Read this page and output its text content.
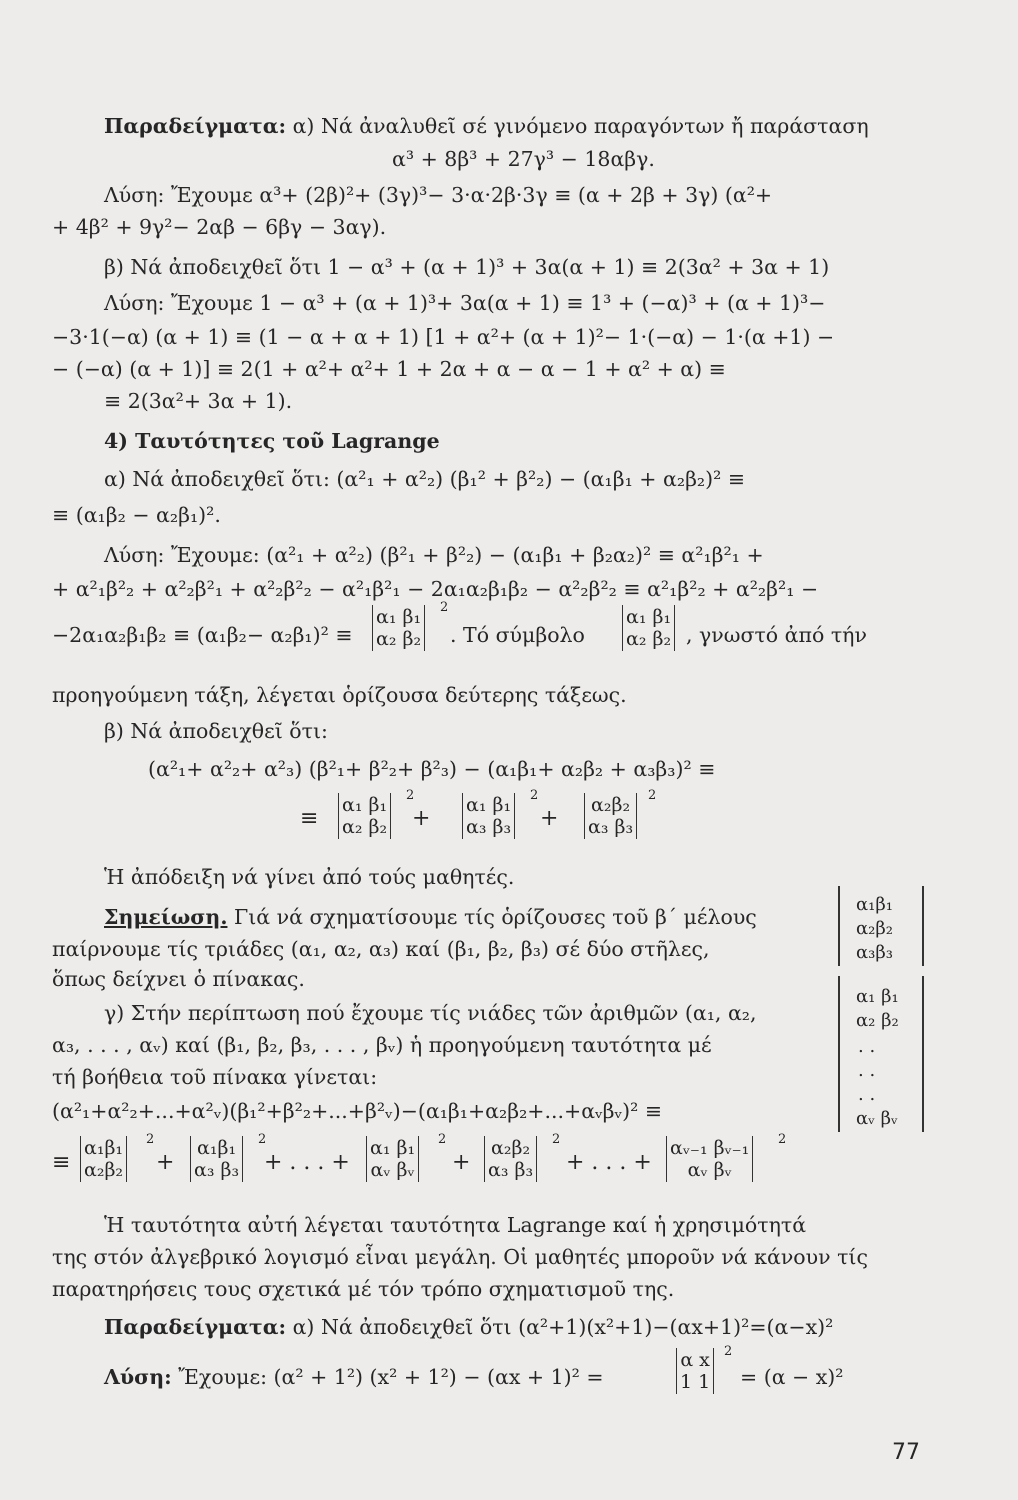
Παραδείγματα: α) Νά ἀναλυθεῖ σέ γινόμενο παραγόντων ἤ παράσταση
α³ + 8β³ + 27γ³ − 18αβγ.
Λύση: Ἔχουμε α³+ (2β)²+ (3γ)³− 3·α·2β·3γ ≡ (α + 2β + 3γ) (α²+
+ 4β² + 9γ²− 2αβ − 6βγ − 3αγ).
β) Νά ἀποδειχθεῖ ὅτι 1 − α³ + (α + 1)³ + 3α(α + 1) ≡ 2(3α² + 3α + 1)
Λύση: Ἔχουμε 1 − α³ + (α + 1)³+ 3α(α + 1) ≡ 1³ + (−α)³ + (α + 1)³−
−3·1(−α) (α + 1) ≡ (1 − α + α + 1) [1 + α²+ (α + 1)²− 1·(−α) − 1·(α +1) −
− (−α) (α + 1)] ≡ 2(1 + α²+ α²+ 1 + 2α + α − α − 1 + α² + α) ≡
≡ 2(3α²+ 3α + 1).
4) Ταυτότητες τοῦ Lagrange
α) Νά ἀποδειχθεῖ ὅτι: (α²₁ + α²₂) (β₁² + β²₂) − (α₁β₁ + α₂β₂)² ≡
≡ (α₁β₂ − α₂β₁)².
Λύση: Ἔχουμε: (α²₁ + α²₂) (β²₁ + β²₂) − (α₁β₁ + β₂α₂)² ≡ α²₁β²₁ +
+ α²₁β²₂ + α²₂β²₁ + α²₂β²₂ − α²₁β²₁ − 2α₁α₂β₁β₂ − α²₂β²₂ ≡ α²₁β²₂ + α²₂β²₁ −
−2α₁α₂β₁β₂ ≡ (α₁β₂− α₂β₁)² ≡
α₁ β₁
α₂ β₂
2
. Τό σύμβολο
α₁ β₁
α₂ β₂ , γνωστό ἀπό τήν
προηγούμενη τάξη, λέγεται ὁρίζουσα δεύτερης τάξεως.
β) Νά ἀποδειχθεῖ ὅτι:
(α²₁+ α²₂+ α²₃) (β²₁+ β²₂+ β²₃) − (α₁β₁+ α₂β₂ + α₃β₃)² ≡
≡
α₁ β₁
α₂ β₂
2
+
α₁ β₁
α₃ β₃
2
+
α₂β₂
α₃ β₃
2
Ἡ ἀπόδειξη νά γίνει ἀπό τούς μαθητές.
Σημείωση. Γιά νά σχηματίσουμε τίς ὁρίζουσες τοῦ β΄ μέλους
παίρνουμε τίς τριάδες (α₁, α₂, α₃) καί (β₁, β₂, β₃) σέ δύο στῆλες,
ὅπως δείχνει ὁ πίνακας.
γ) Στήν περίπτωση πού ἔχουμε τίς νιάδες τῶν ἀριθμῶν (α₁, α₂,
α₃, . . . , αᵥ) καί (β₁, β₂, β₃, . . . , βᵥ) ἡ προηγούμενη ταυτότητα μέ
τή βοήθεια τοῦ πίνακα γίνεται:
(α²₁+α²₂+...+α²ᵥ)(β₁²+β²₂+...+β²ᵥ)−(α₁β₁+α₂β₂+...+αᵥβᵥ)² ≡
α₁β₁
α₂β₂
α₃β₃
α₁ β₁
α₂ β₂
. .
. .
. .
αᵥ βᵥ
≡
α₁β₁
α₂β₂
2
+
α₁β₁
α₃ β₃
2
+ . . . +
α₁ β₁
αᵥ βᵥ
2
+
α₂β₂
α₃ β₃
2
+ . . . +
αᵥ₋₁ βᵥ₋₁
αᵥ βᵥ
2
Ἡ ταυτότητα αὐτή λέγεται ταυτότητα Lagrange καί ἡ χρησιμότητά
της στόν ἀλγεβρικό λογισμό εἶναι μεγάλη. Οἱ μαθητές μποροῦν νά κάνουν τίς
παρατηρήσεις τους σχετικά μέ τόν τρόπο σχηματισμοῦ της.
Παραδείγματα: α) Νά ἀποδειχθεῖ ὅτι (α²+1)(x²+1)−(αx+1)²=(α−x)²
Λύση: Ἔχουμε: (α² + 1²) (x² + 1²) − (αx + 1)² =
α x
1 1
2
= (α − x)²
77
